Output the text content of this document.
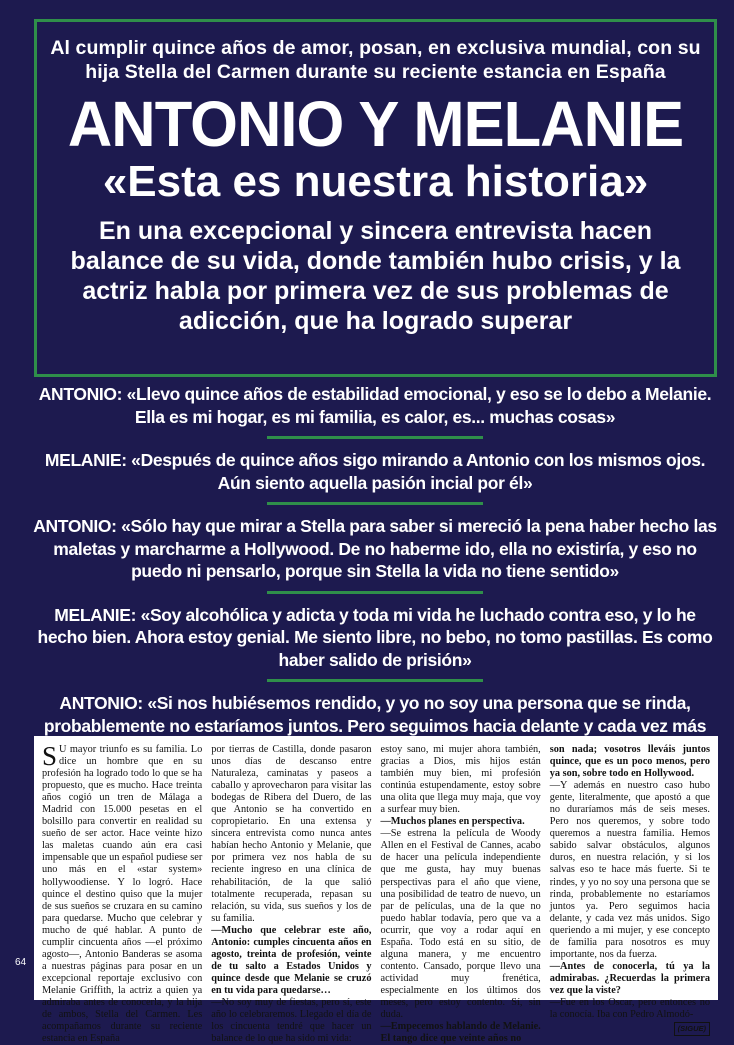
Al cumplir quince años de amor, posan, en exclusiva mundial, con su hija Stella del Carmen durante su reciente estancia en España

ANTONIO Y MELANIE
«Esta es nuestra historia»

En una excepcional y sincera entrevista hacen balance de su vida, donde también hubo crisis, y la actriz habla por primera vez de sus problemas de adicción, que ha logrado superar

ANTONIO: «Llevo quince años de estabilidad emocional, y eso se lo debo a Melanie. Ella es mi hogar, es mi familia, es calor, es... muchas cosas»

MELANIE: «Después de quince años sigo mirando a Antonio con los mismos ojos. Aún siento aquella pasión incial por él»

ANTONIO: «Sólo hay que mirar a Stella para saber si mereció la pena haber hecho las maletas y marcharme a Hollywood. De no haberme ido, ella no existiría, y eso no puedo ni pensarlo, porque sin Stella la vida no tiene sentido»

MELANIE: «Soy alcohólica y adicta y toda mi vida he luchado contra eso, y lo he hecho bien. Ahora estoy genial. Me siento libre, no bebo, no tomo pastillas. Es como haber salido de prisión»

ANTONIO: «Si nos hubiésemos rendido, y yo no soy una persona que se rinda, probablemente no estaríamos juntos. Pero seguimos hacia delante y cada vez más

S U mayor triunfo es su familia. Lo dice un hombre que en su profesión ha logrado todo lo que se ha propuesto, que es mucho. Hace treinta años cogió un tren de Málaga a Madrid con 15.000 pesetas en el bolsillo para convertir en realidad su sueño de ser actor. Hace veinte hizo las maletas cuando aún era casi impensable que un español pudiese ser uno más en el «star system» hollywoodiense. Y lo logró. Hace quince el destino quiso que la mujer de sus sueños se cruzara en su camino para quedarse. Mucho que celebrar y mucho de qué hablar. A punto de cumplir cincuenta años —el próximo agosto—, Antonio Banderas se asoma a nuestras páginas para posar en un excepcional reportaje exclusivo con Melanie Griffith, la actriz a quien ya admiraba antes de conocerla, y la hija de ambos, Stella del Carmen. Les acompañamos durante su reciente estancia en España

por tierras de Castilla, donde pasaron unos días de descanso entre Naturaleza, caminatas y paseos a caballo y aprovecharon para visitar las bodegas de Ribera del Duero, de las que Antonio se ha convertido en copropietario. En una extensa y sincera entrevista como nunca antes habían hecho Antonio y Melanie, que por primera vez nos habla de su reciente ingreso en una clínica de rehabilitación, de la que salió totalmente recuperada, repasan su relación, su vida, sus sueños y los de su familia.

—Mucho que celebrar este año, Antonio: cumples cincuenta años en agosto, treinta de profesión, veinte de tu salto a Estados Unidos y quince desde que Melanie se cruzó en tu vida para quedarse…

—No soy muy de fiestas, pero sí, este año lo celebraremos. Llegado el día de los cincuenta tendré que hacer un balance de lo que ha sido mi vida:

estoy sano, mi mujer ahora también, gracias a Dios, mis hijos están también muy bien, mi profesión continúa estupendamente, estoy sobre una olita que llega muy maja, que voy a surfear muy bien.

—Muchos planes en perspectiva.

—Se estrena la película de Woody Allen en el Festival de Cannes, acabo de hacer una película independiente que me gusta, hay muy buenas perspectivas para el año que viene, una posibilidad de teatro de nuevo, un par de películas, una de la que no puedo hablar todavía, pero que va a ocurrir, que voy a rodar aquí en España. Todo está en su sitio, de alguna manera, y me encuentro contento. Cansado, porque llevo una actividad muy frenética, especialmente en los últimos dos meses, pero estoy contento. Sí, sin duda.

—Empecemos hablando de Melanie. El tango dice que veinte años no

son nada; vosotros lleváis juntos quince, que es un poco menos, pero ya son, sobre todo en Hollywood.

—Y además en nuestro caso hubo gente, literalmente, que apostó a que no duraríamos más de seis meses. Pero nos queremos, y sobre todo queremos a nuestra familia. Hemos sabido salvar obstáculos, algunos duros, en nuestra relación, y si los salvas eso te hace más fuerte. Si te rindes, y yo no soy una persona que se rinda, probablemente no estaríamos juntos ya. Pero seguimos hacia delante, y cada vez más unidos. Sigo queriendo a mi mujer, y ese concepto de familia para nosotros es muy importante, nos da fuerza.

—Antes de conocerla, tú ya la admirabas. ¿Recuerdas la primera vez que la viste?

—Fue en los Oscar, pero entonces no la conocía. Iba con Pedro Almodó-

(SIGUE)
64
